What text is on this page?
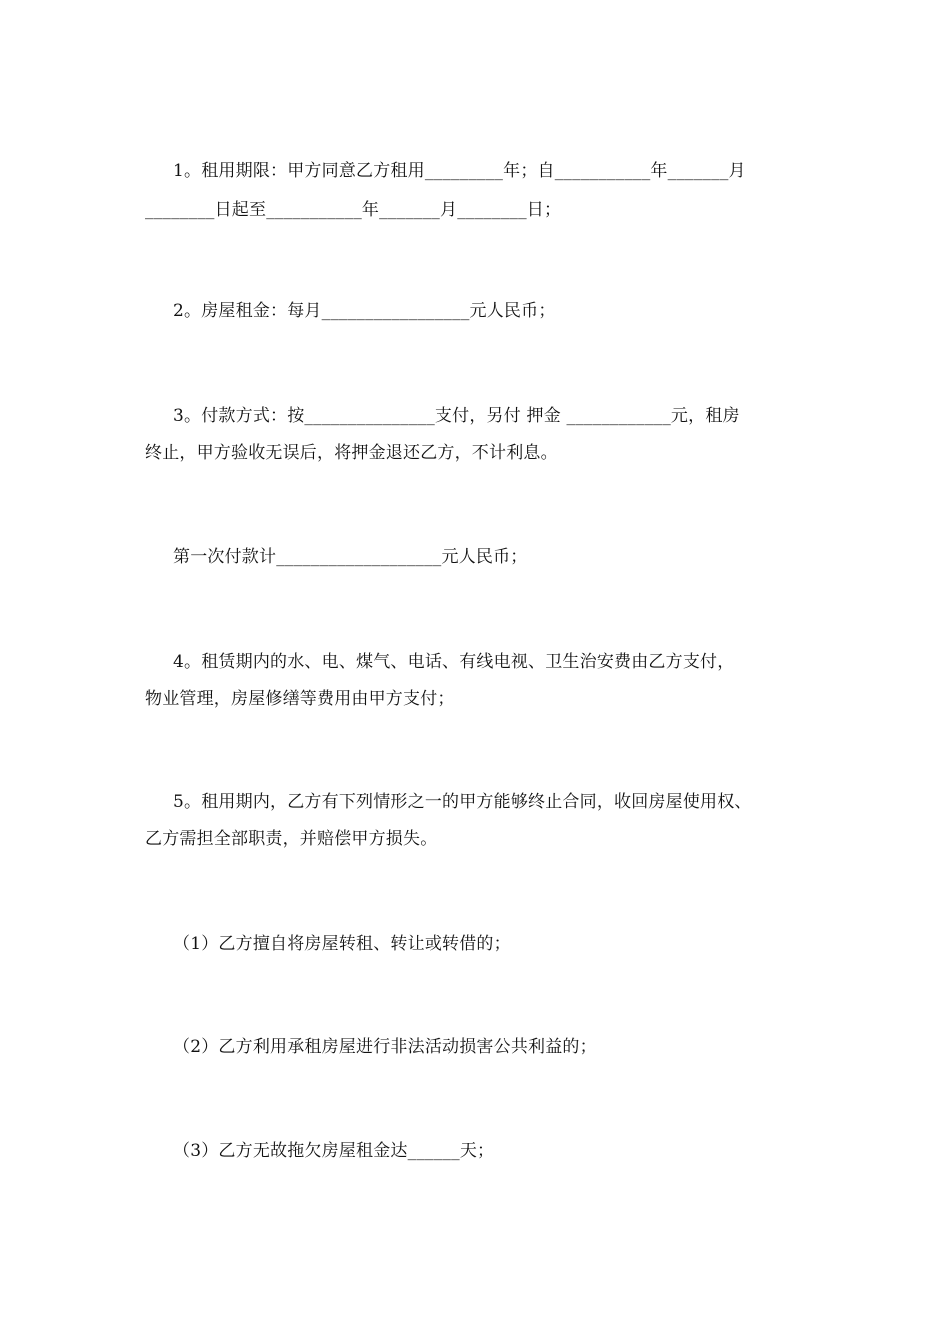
1。租用期限：甲方同意乙方租用_________年；自___________年_______月
________日起至___________年_______月________日；
2。房屋租金：每月_________________元人民币；
3。付款方式：按_______________支付，另付 押金 ____________元，租房
终止，甲方验收无误后，将押金退还乙方，不计利息。
第一次付款计___________________元人民币；
4。租赁期内的水、电、煤气、电话、有线电视、卫生治安费由乙方支付，
物业管理，房屋修缮等费用由甲方支付；
5。租用期内，乙方有下列情形之一的甲方能够终止合同，收回房屋使用权、
乙方需担全部职责，并赔偿甲方损失。
（1）乙方擅自将房屋转租、转让或转借的；
（2）乙方利用承租房屋进行非法活动损害公共利益的；
（3）乙方无故拖欠房屋租金达______天；
